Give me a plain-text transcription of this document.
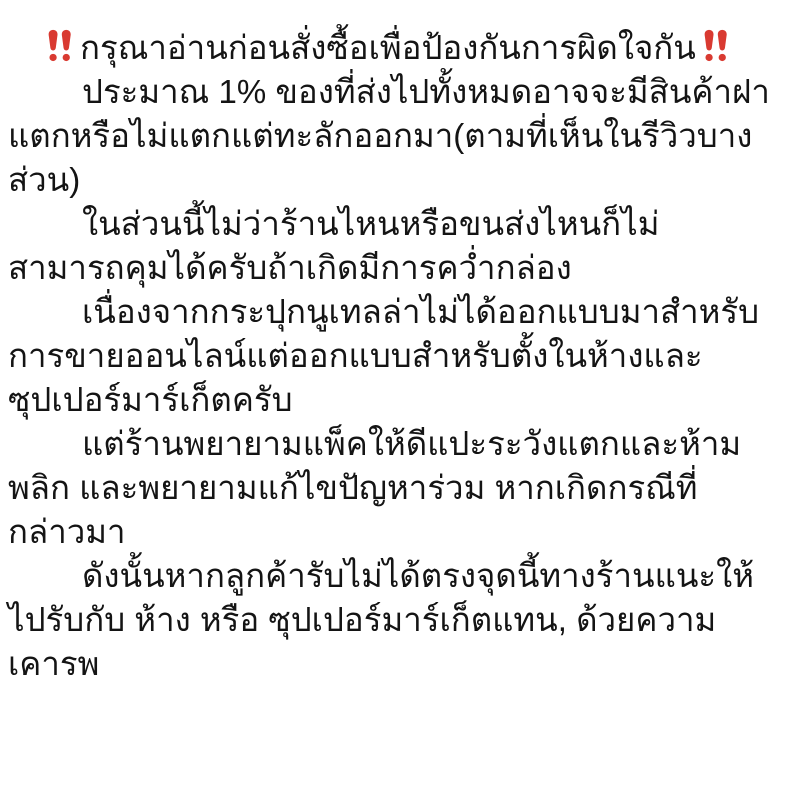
กรุณาอ่านก่อนสั่งซื้อเพื่อป้องกันการผิดใจกัน

ประมาณ 1% ของที่ส่งไปทั้งหมดอาจจะมีสินค้าฝาแตกหรือไม่แตกแต่ทะลักออกมา(ตามที่เห็นในรีวิวบางส่วน)

ในส่วนนี้ไม่ว่าร้านไหนหรือขนส่งไหนก็ไม่สามารถคุมได้ครับถ้าเกิดมีการคว่ำกล่อง

เนื่องจากกระปุกนูเทลล่าไม่ได้ออกแบบมาสำหรับการขายออนไลน์แต่ออกแบบสำหรับตั้งในห้างและซุปเปอร์มาร์เก็ตครับ

แต่ร้านพยายามแพ็คให้ดีแปะระวังแตกและห้ามพลิก และพยายามแก้ไขปัญหาร่วม หากเกิดกรณีที่กล่าวมา

ดังนั้นหากลูกค้ารับไม่ได้ตรงจุดนี้ทางร้านแนะให้ไปรับกับ ห้าง หรือ ซุปเปอร์มาร์เก็ตแทน, ด้วยความเคารพ
